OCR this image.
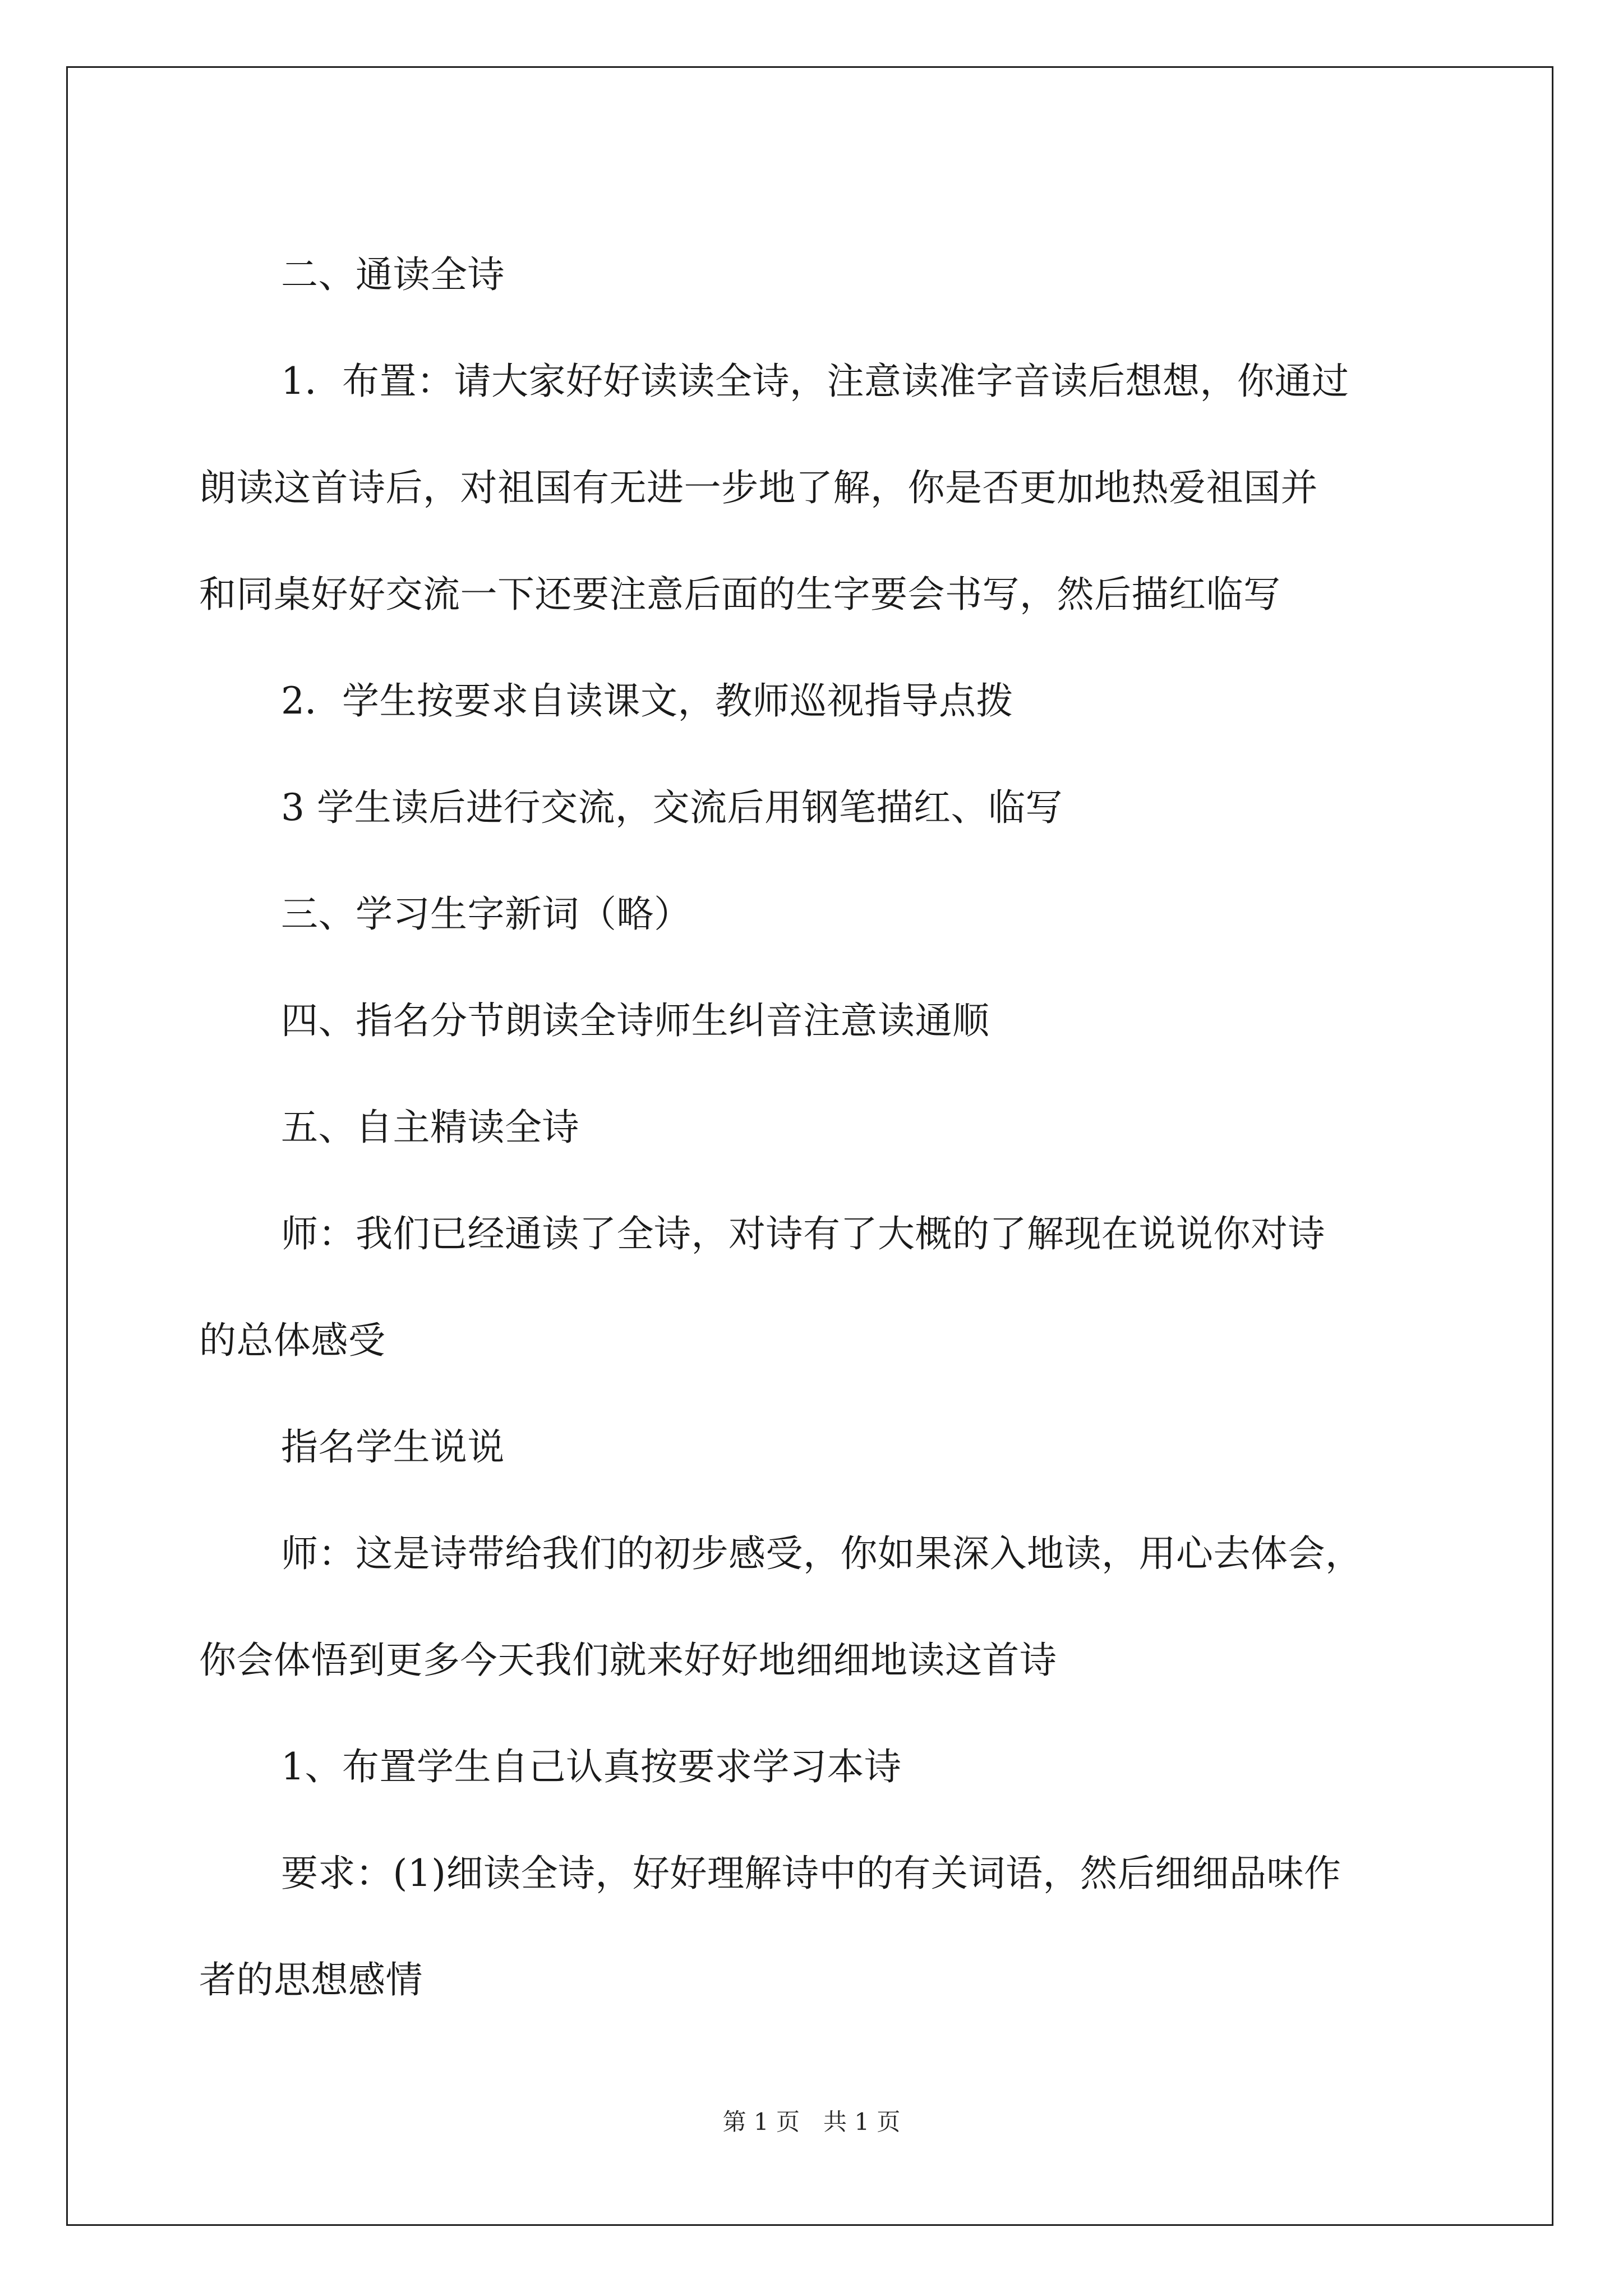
二、通读全诗

1．布置：请大家好好读读全诗，注意读准字音读后想想，你通过

朗读这首诗后，对祖国有无进一步地了解，你是否更加地热爱祖国并

和同桌好好交流一下还要注意后面的生字要会书写，然后描红临写

2．学生按要求自读课文，教师巡视指导点拨

3 学生读后进行交流，交流后用钢笔描红、临写

三、学习生字新词（略）

四、指名分节朗读全诗师生纠音注意读通顺

五、自主精读全诗

师：我们已经通读了全诗，对诗有了大概的了解现在说说你对诗

的总体感受

指名学生说说

师：这是诗带给我们的初步感受，你如果深入地读，用心去体会，

你会体悟到更多今天我们就来好好地细细地读这首诗

1、布置学生自己认真按要求学习本诗

要求：(1)细读全诗，好好理解诗中的有关词语，然后细细品味作

者的思想感情

第 1 页　共 1 页
